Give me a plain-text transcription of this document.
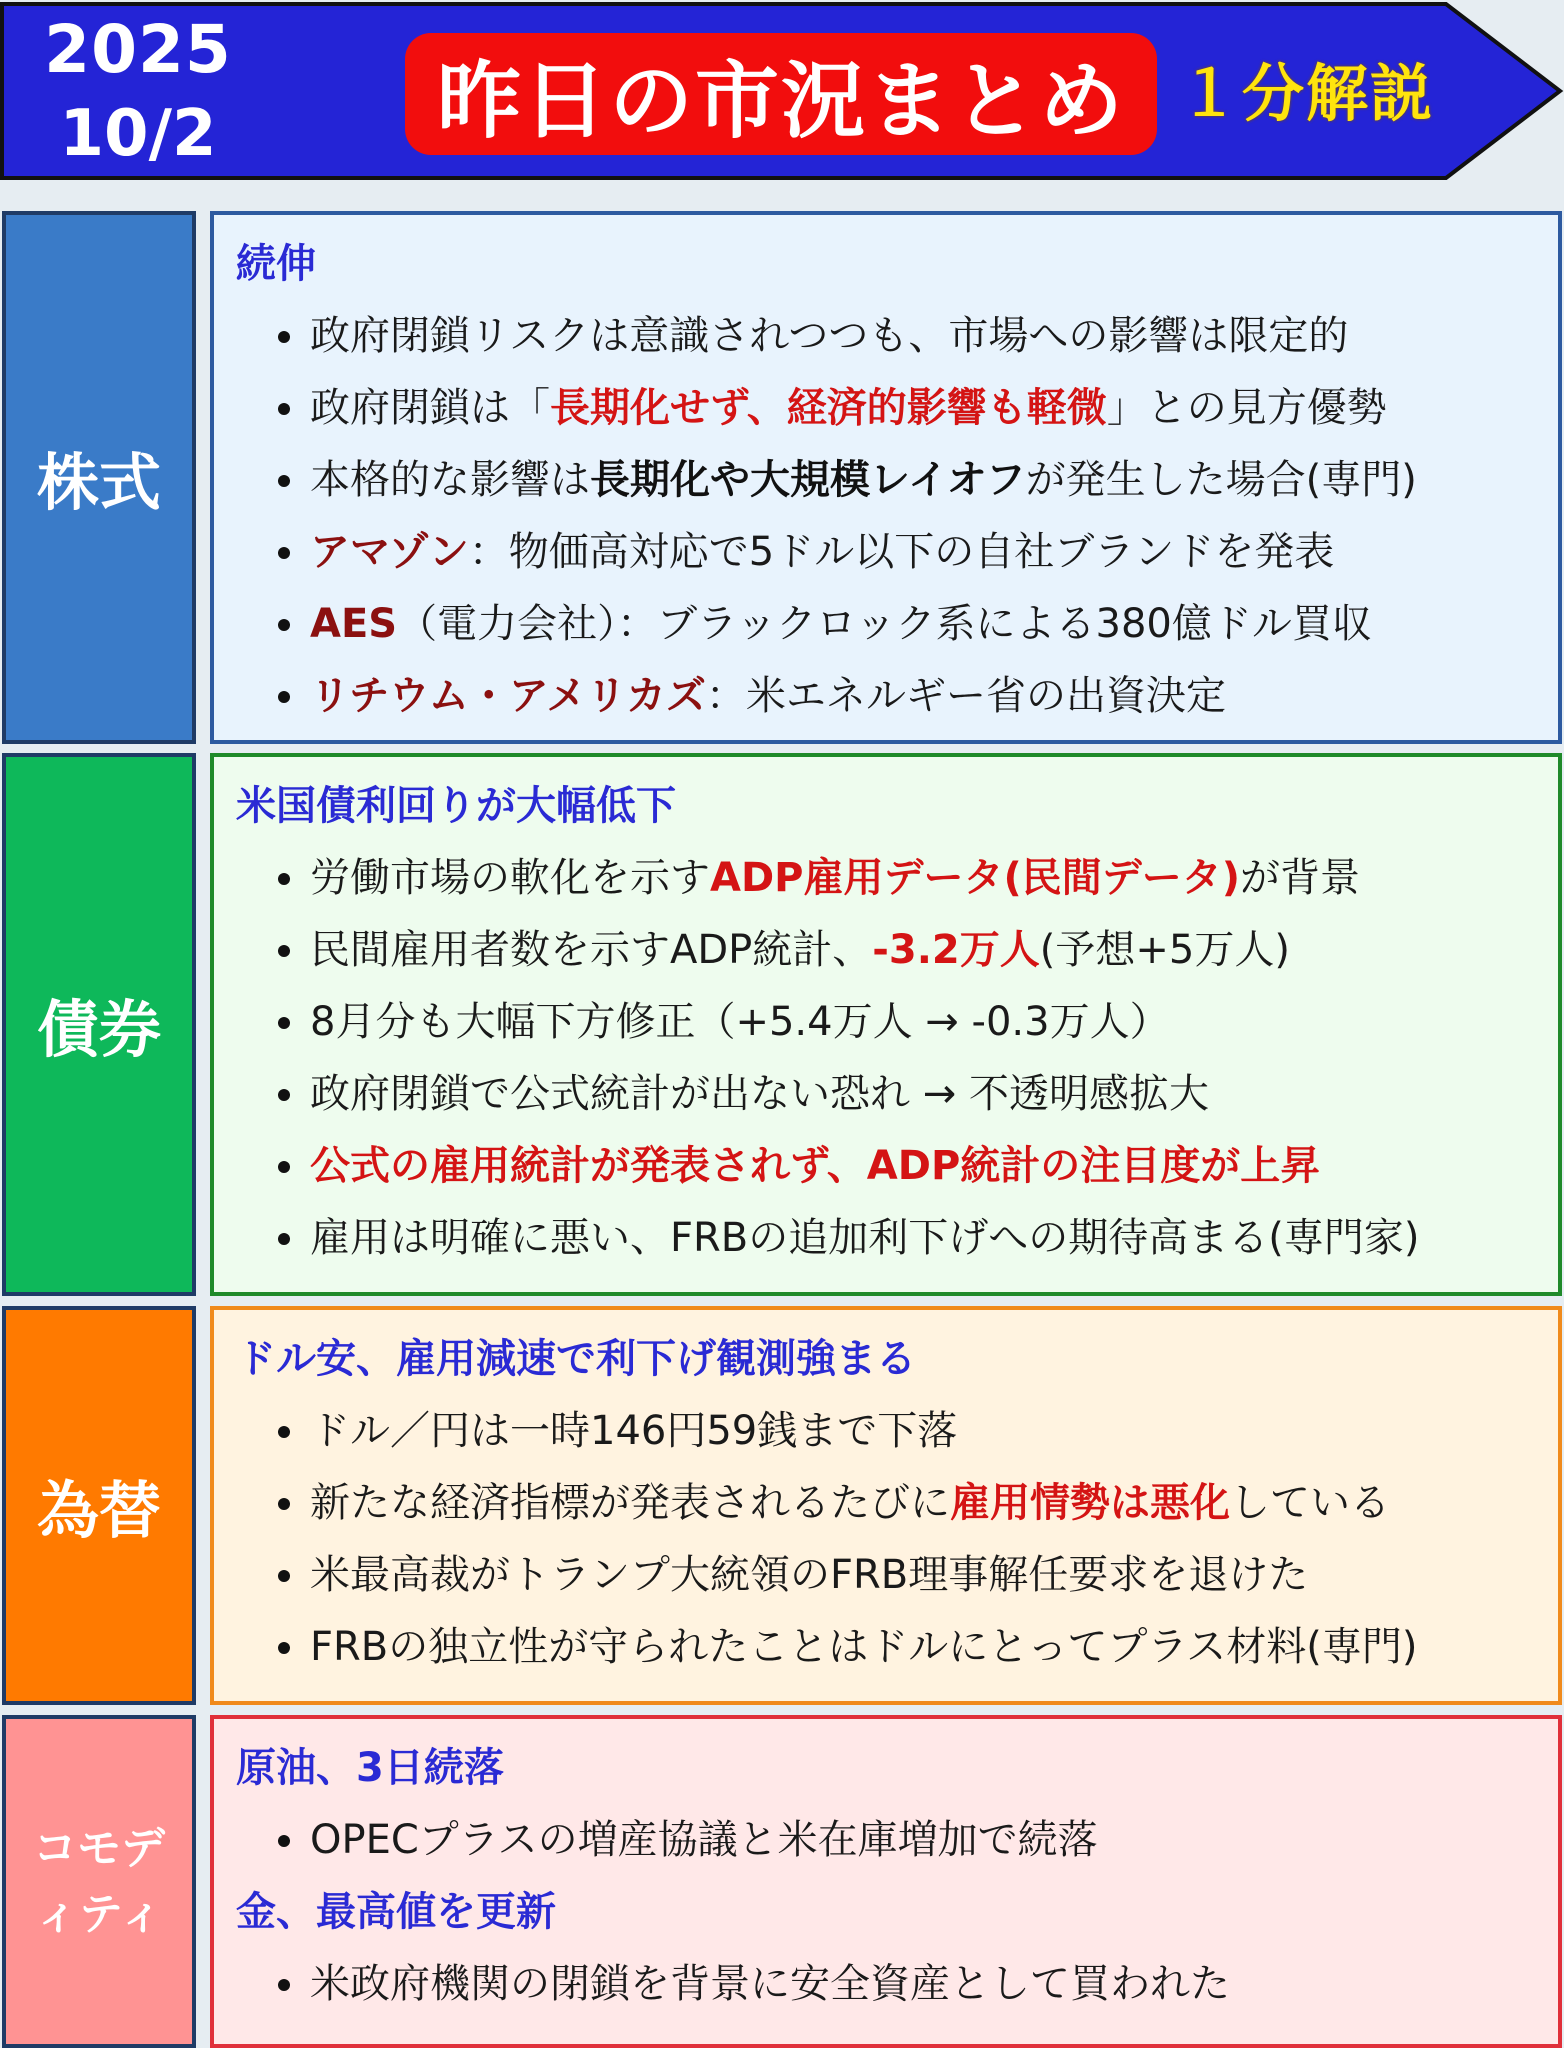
2025
10/2	昨日の市況まとめ １分解説
株式
続伸
政府閉鎖リスクは意識されつつも、市場への影響は限定的
政府閉鎖は「長期化せず、経済的影響も軽微」との見方優勢
本格的な影響は長期化や大規模レイオフが発生した場合(専門)
アマゾン：物価高対応で5ドル以下の自社ブランドを発表
AES（電力会社）：ブラックロック系による380億ドル買収
リチウム・アメリカズ：米エネルギー省の出資決定
債券
米国債利回りが大幅低下
労働市場の軟化を示すADP雇用データ(民間データ)が背景
民間雇用者数を示すADP統計、-3.2万人(予想+5万人)
8月分も大幅下方修正（+5.4万人 → -0.3万人）
政府閉鎖で公式統計が出ない恐れ → 不透明感拡大
公式の雇用統計が発表されず、ADP統計の注目度が上昇
雇用は明確に悪い、FRBの追加利下げへの期待高まる(専門家)
為替
ドル安、雇用減速で利下げ観測強まる
ドル／円は一時146円59銭まで下落
新たな経済指標が発表されるたびに雇用情勢は悪化している
米最高裁がトランプ大統領のFRB理事解任要求を退けた
FRBの独立性が守られたことはドルにとってプラス材料(専門)
コモデ
ィティ
原油、3日続落
OPECプラスの増産協議と米在庫増加で続落
金、最高値を更新
米政府機関の閉鎖を背景に安全資産として買われた
